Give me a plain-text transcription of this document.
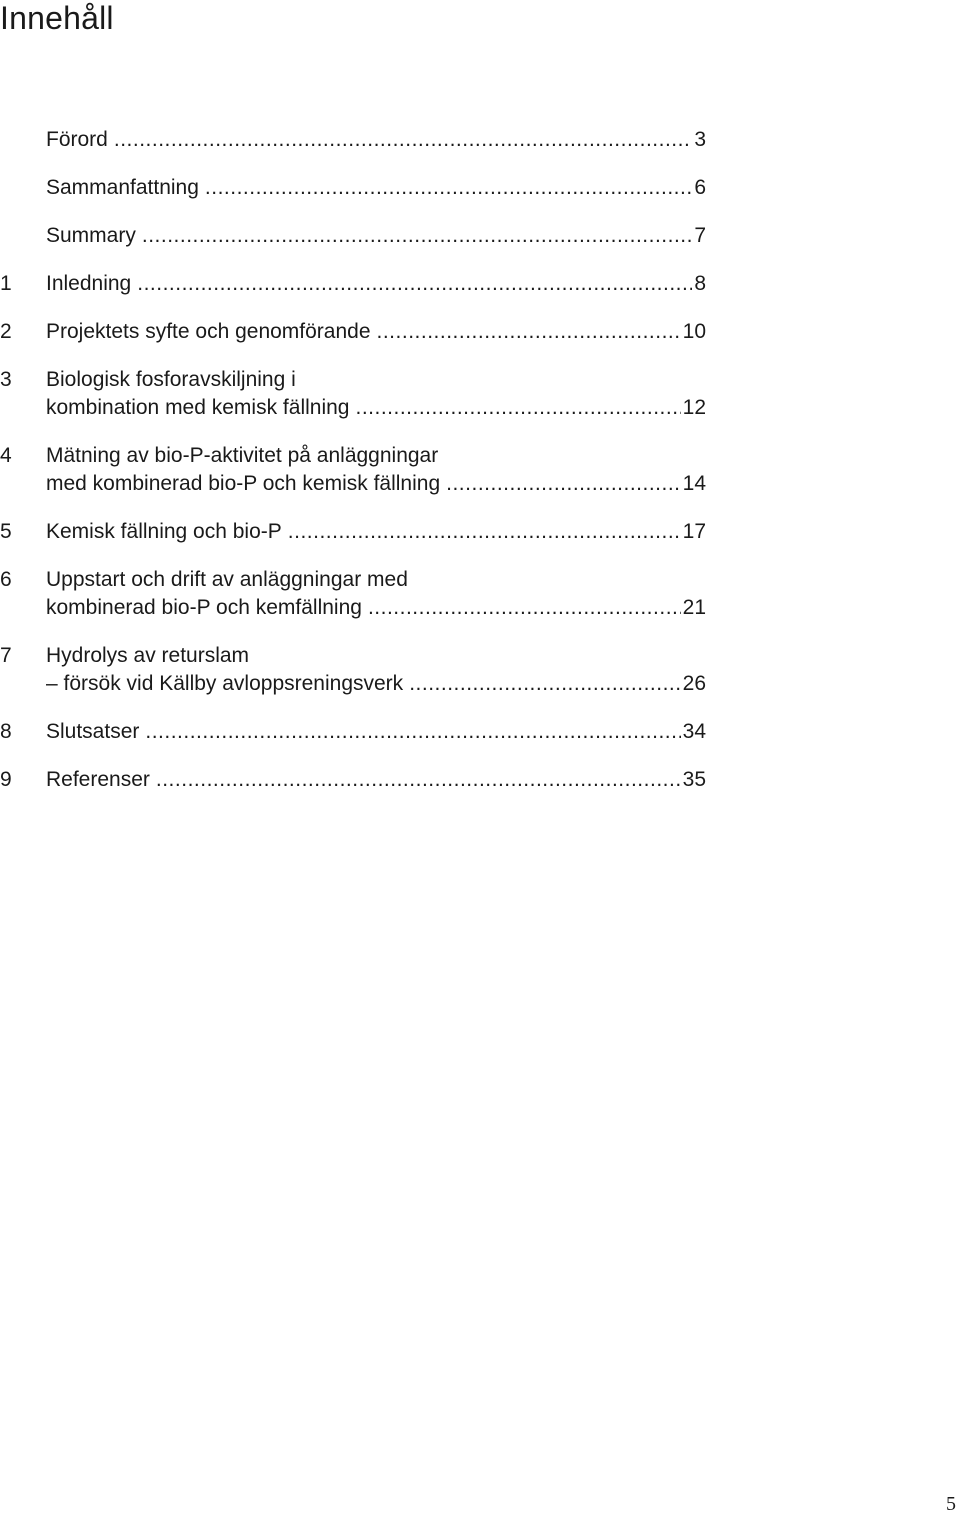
Innehåll
Förord .....	3
Sammanfattning .....	6
Summary .....	7
1	Inledning .....	8
2	Projektets syfte och genomförande .....	10
3	Biologisk fosforavskiljning i
kombination med kemisk fällning .....	12
4	Mätning av bio-P-aktivitet på anläggningar
med kombinerad bio-P och kemisk fällning .....	14
5	Kemisk fällning och bio-P .....	17
6	Uppstart och drift av anläggningar med
kombinerad bio-P och kemfällning .....	21
7	Hydrolys av returslam
– försök vid Källby avloppsreningsverk .....	26
8	Slutsatser .....	34
9	Referenser .....	35
5
